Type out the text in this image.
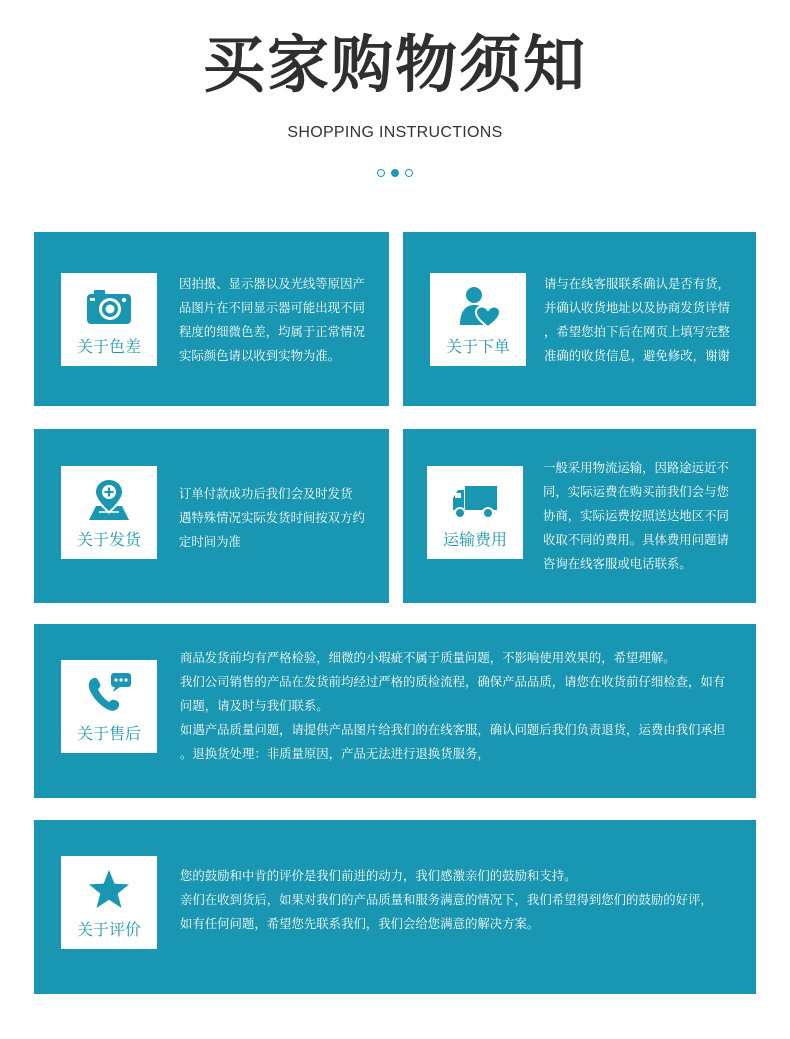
买家购物须知
SHOPPING INSTRUCTIONS
关于色差

因拍摄、显示器以及光线等原因产

品图片在不同显示器可能出现不同

程度的细微色差，均属于正常情况

实际颜色请以收到实物为准。	关于下单

请与在线客服联系确认是否有货，

并确认收货地址以及协商发货详情

，希望您拍下后在网页上填写完整

准确的收货信息，避免修改，谢谢

关于发货

订单付款成功后我们会及时发货

遇特殊情况实际发货时间按双方约

定时间为准	运输费用

一般采用物流运输，因路途远近不

同，实际运费在购买前我们会与您

协商，实际运费按照送达地区不同

收取不同的费用。具体费用问题请

咨询在线客服或电话联系。

关于售后

商品发货前均有严格检验，细微的小瑕疵不属于质量问题，不影响使用效果的，希望理解。

我们公司销售的产品在发货前均经过严格的质检流程，确保产品品质，请您在收货前仔细检查，如有

问题，请及时与我们联系。

如遇产品质量问题，请提供产品图片给我们的在线客服，确认问题后我们负责退货，运费由我们承担

。退换货处理：非质量原因，产品无法进行退换货服务，

关于评价

您的鼓励和中肯的评价是我们前进的动力，我们感激亲们的鼓励和支持。

亲们在收到货后，如果对我们的产品质量和服务满意的情况下，我们希望得到您们的鼓励的好评，

如有任何问题，希望您先联系我们，我们会给您满意的解决方案。
